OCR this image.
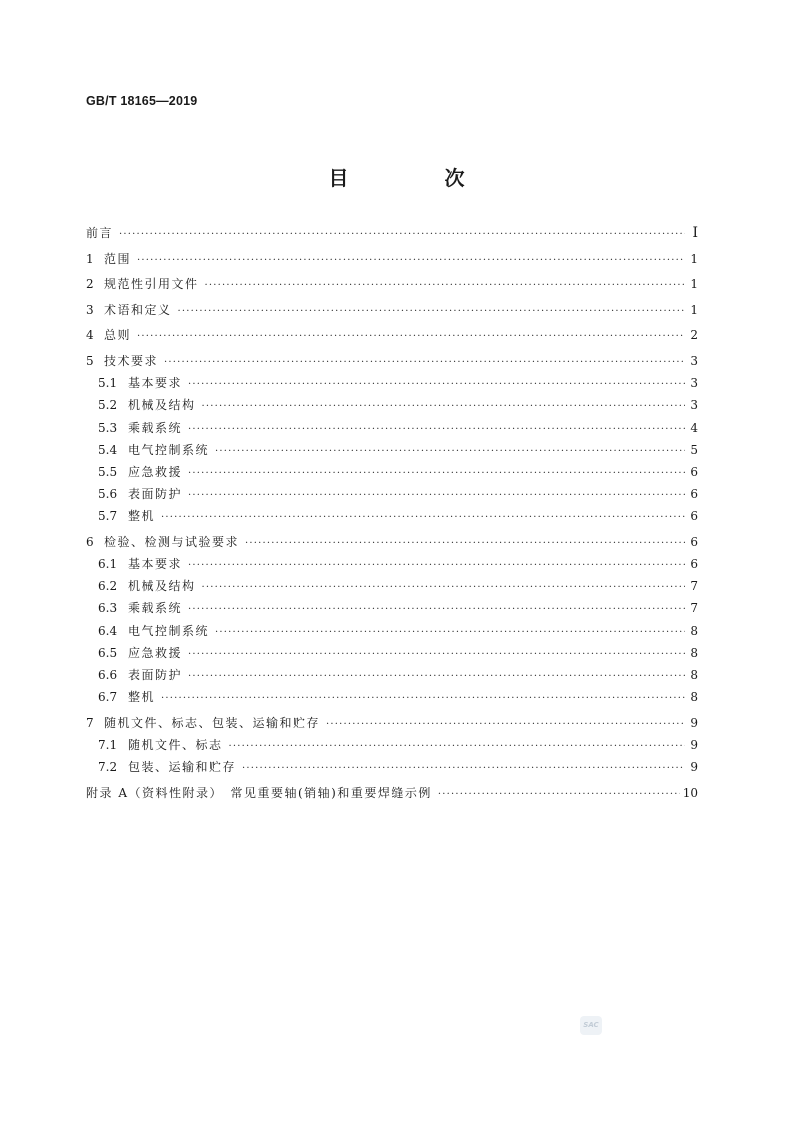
GB/T 18165—2019
目　次
前言 ·····	Ⅰ
1 范围 ·····	1
2 规范性引用文件 ·····	1
3 术语和定义 ·····	1
4 总则 ·····	2
5 技术要求 ·····	3
5.1 基本要求 ·····	3
5.2 机械及结构 ·····	3
5.3 乘载系统 ·····	4
5.4 电气控制系统 ·····	5
5.5 应急救援 ·····	6
5.6 表面防护 ·····	6
5.7 整机 ·····	6
6 检验、检测与试验要求 ·····	6
6.1 基本要求 ·····	6
6.2 机械及结构 ·····	7
6.3 乘载系统 ·····	7
6.4 电气控制系统 ·····	8
6.5 应急救援 ·····	8
6.6 表面防护 ·····	8
6.7 整机 ·····	8
7 随机文件、标志、包装、运输和贮存 ·····	9
7.1 随机文件、标志 ·····	9
7.2 包装、运输和贮存 ·····	9
附录 A（资料性附录）　常见重要轴(销轴)和重要焊缝示例 ·····	10
SAC
